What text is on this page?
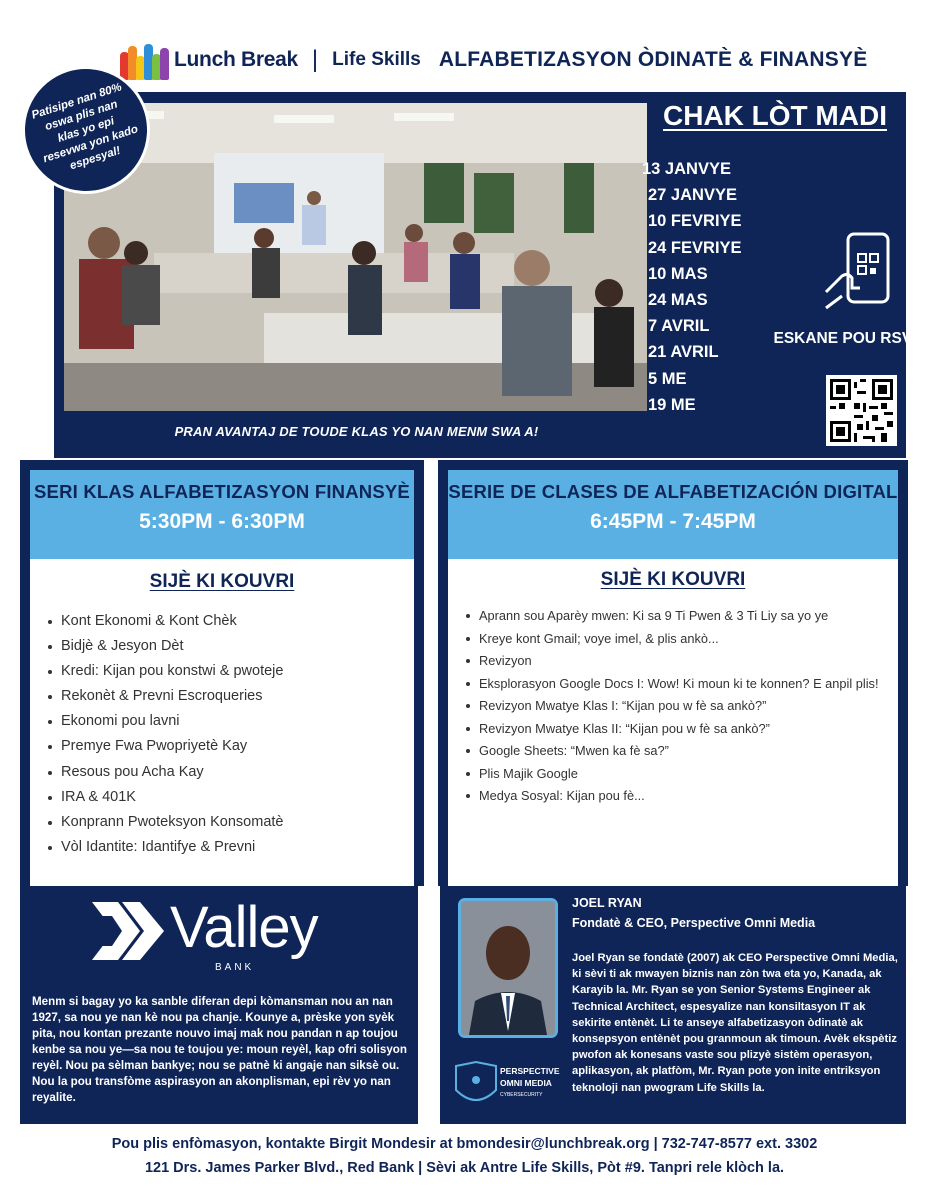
Lunch Break | Life Skills ALFABETIZASYON ÒDINATÈ & FINANSYÈ
Patisipe nan 80% oswa plis nan klas yo epi resevwa yon kado espesyal!
PRAN AVANTAJ DE TOUDE KLAS YO NAN MENM SWA A!
CHAK LÒT MADI
13 JANVYE
27 JANVYE
10 FEVRIYE
24 FEVRIYE
10 MAS
24 MAS
7 AVRIL
21 AVRIL
5 ME
19 ME
ESKANE POU RSVP
SERI KLAS ALFABETIZASYON FINANSYÈ
5:30PM - 6:30PM
SIJÈ KI KOUVRI
Kont Ekonomi & Kont Chèk
Bidjè & Jesyon Dèt
Kredi: Kijan pou konstwi & pwoteje
Rekonèt & Prevni Escroqueries
Ekonomi pou lavni
Premye Fwa Pwopriyetè Kay
Resous pou Acha Kay
IRA & 401K
Konprann Pwoteksyon Konsomatè
Vòl Idantite: Idantifye & Prevni
SERIE DE CLASES DE ALFABETIZACIÓN DIGITAL
6:45PM - 7:45PM
SIJÈ KI KOUVRI
Aprann sou Aparèy mwen: Ki sa 9 Ti Pwen & 3 Ti Liy sa yo ye
Kreye kont Gmail; voye imel, & plis ankò...
Revizyon
Eksplorasyon Google Docs I: Wow! Ki moun ki te konnen? E anpil plis!
Revizyon Mwatye Klas I: “Kijan pou w fè sa ankò?”
Revizyon Mwatye Klas II: “Kijan pou w fè sa ankò?”
Google Sheets: “Mwen ka fè sa?”
Plis Majik Google
Medya Sosyal: Kijan pou fè...
Valley
BANK
Menm si bagay yo ka sanble diferan depi kòmansman nou an nan 1927, sa nou ye nan kè nou pa chanje. Kounye a, prèske yon syèk pita, nou kontan prezante nouvo imaj mak nou pandan n ap toujou kenbe sa nou ye—sa nou te toujou ye: moun reyèl, kap ofri solisyon reyèl. Nou pa sèlman bankye; nou se patnè ki angaje nan siksè ou. Nou la pou transfòme aspirasyon an akonplisman, epi rèv yo nan reyalite.
PERSPECTIVE
OMNI MEDIA
CYBERSECURITY
JOEL RYAN
Fondatè & CEO, Perspective Omni Media
Joel Ryan se fondatè (2007) ak CEO Perspective Omni Media, ki sèvi ti ak mwayen biznis nan zòn twa eta yo, Kanada, ak Karayib la. Mr. Ryan se yon Senior Systems Engineer ak Technical Architect, espesyalize nan konsiltasyon IT ak sekirite entènèt. Li te anseye alfabetizasyon òdinatè ak konsepsyon entènèt pou granmoun ak timoun. Avèk ekspètiz pwofon ak konesans vaste sou plizyè sistèm operasyon, aplikasyon, ak platfòm, Mr. Ryan pote yon inite entriksyon teknoloji nan pwogram Life Skills la.
Pou plis enfòmasyon, kontakte Birgit Mondesir at bmondesir@lunchbreak.org | 732-747-8577 ext. 3302
121 Drs. James Parker Blvd., Red Bank | Sèvi ak Antre Life Skills, Pòt #9. Tanpri rele klòch la.
